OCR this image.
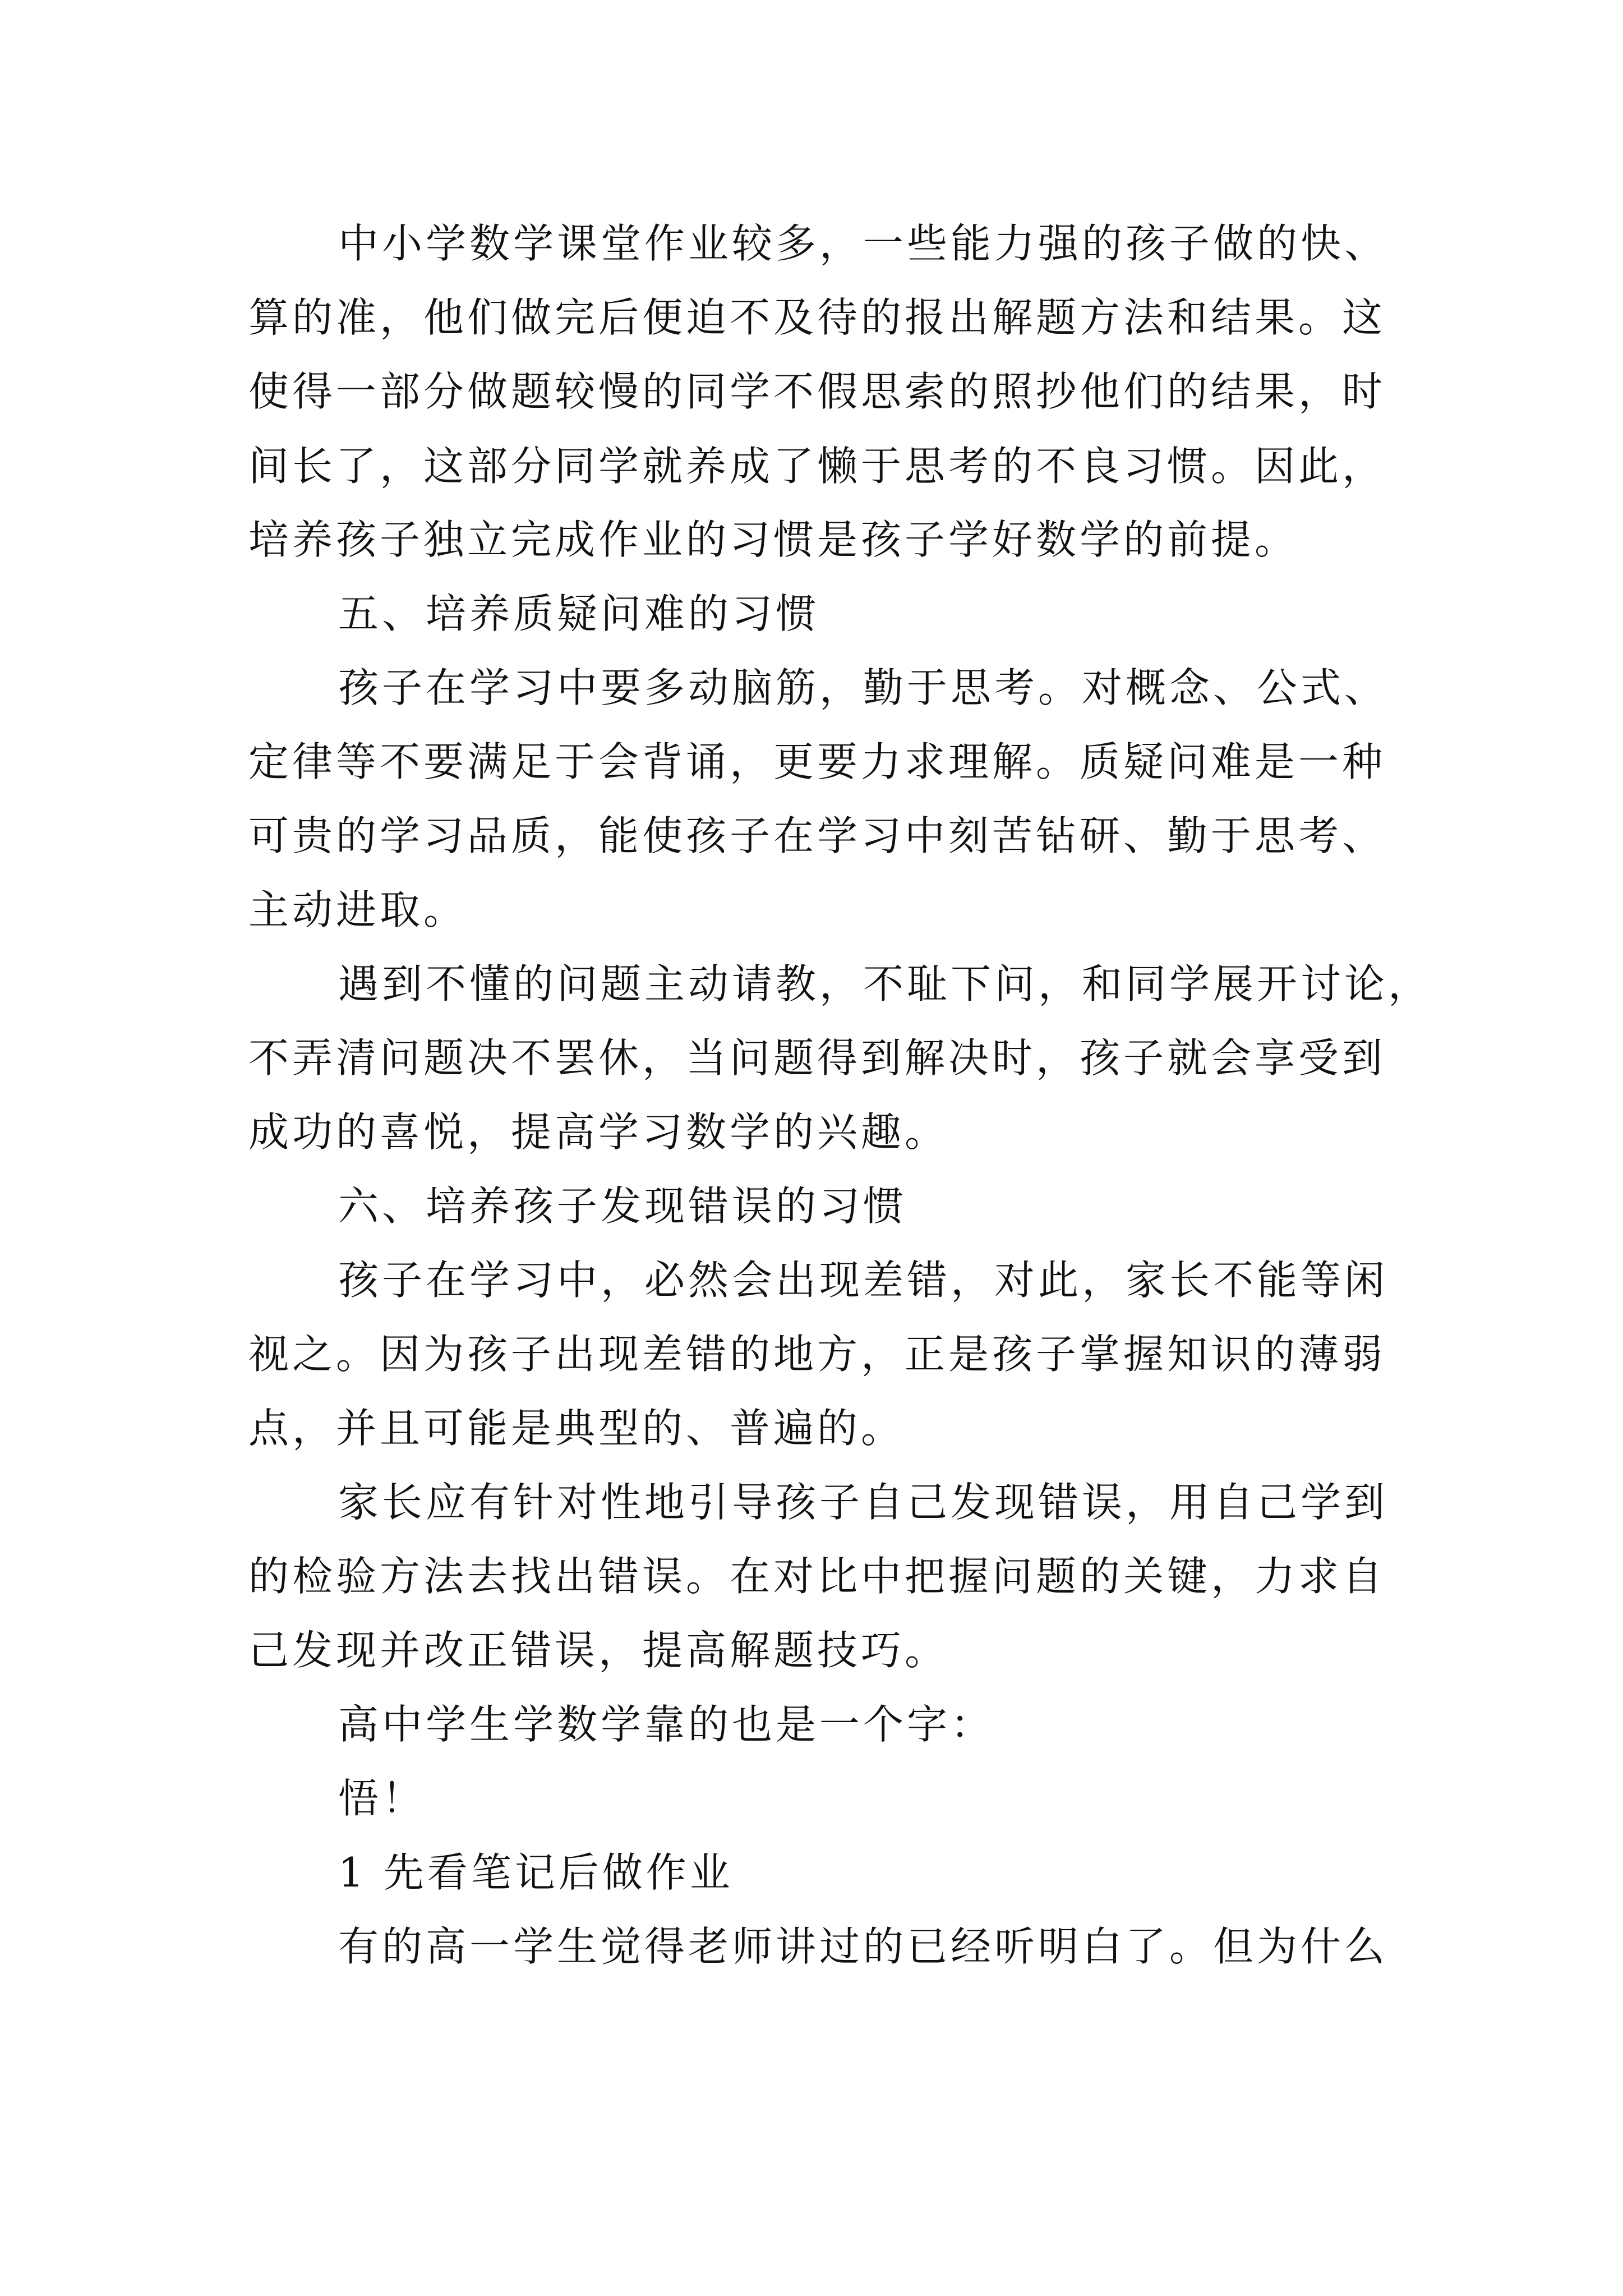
中小学数学课堂作业较多，一些能力强的孩子做的快、
算的准，他们做完后便迫不及待的报出解题方法和结果。这
使得一部分做题较慢的同学不假思索的照抄他们的结果，时
间长了，这部分同学就养成了懒于思考的不良习惯。因此，
培养孩子独立完成作业的习惯是孩子学好数学的前提。
五、培养质疑问难的习惯
孩子在学习中要多动脑筋，勤于思考。对概念、公式、
定律等不要满足于会背诵，更要力求理解。质疑问难是一种
可贵的学习品质，能使孩子在学习中刻苦钻研、勤于思考、
主动进取。
遇到不懂的问题主动请教，不耻下问，和同学展开讨论，
不弄清问题决不罢休，当问题得到解决时，孩子就会享受到
成功的喜悦，提高学习数学的兴趣。
六、培养孩子发现错误的习惯
孩子在学习中，必然会出现差错，对此，家长不能等闲
视之。因为孩子出现差错的地方，正是孩子掌握知识的薄弱
点，并且可能是典型的、普遍的。
家长应有针对性地引导孩子自己发现错误，用自己学到
的检验方法去找出错误。在对比中把握问题的关键，力求自
己发现并改正错误，提高解题技巧。
高中学生学数学靠的也是一个字：
悟！
1 先看笔记后做作业
有的高一学生觉得老师讲过的已经听明白了。但为什么
